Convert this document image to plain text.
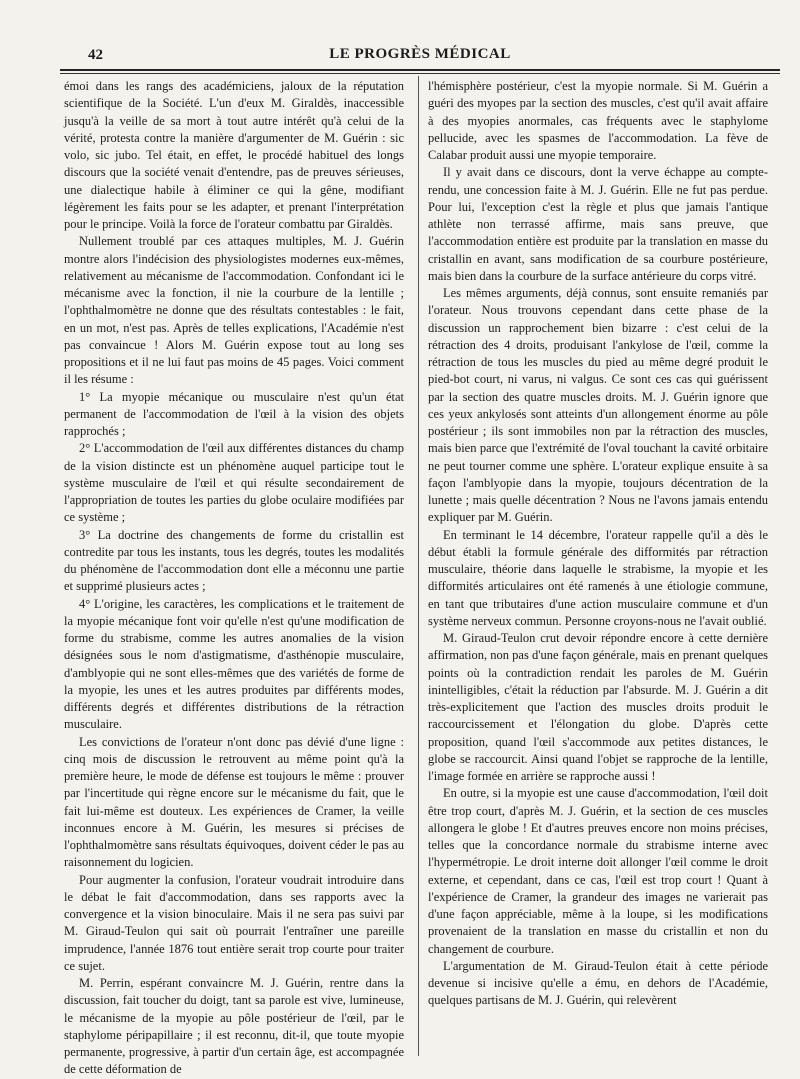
42	LE PROGRÈS MÉDICAL

émoi dans les rangs des académiciens, jaloux de la réputation scientifique de la Société. L'un d'eux M. Giraldès, inaccessible jusqu'à la veille de sa mort à tout autre intérêt qu'à celui de la vérité, protesta contre la manière d'argumenter de M. Guérin : sic volo, sic jubo. Tel était, en effet, le procédé habituel des longs discours que la société venait d'entendre, pas de preuves sérieuses, une dialectique habile à éliminer ce qui la gêne, modifiant légèrement les faits pour se les adapter, et prenant l'interprétation pour le principe. Voilà la force de l'orateur combattu par Giraldès.

Nullement troublé par ces attaques multiples, M. J. Guérin montre alors l'indécision des physiologistes modernes eux-mêmes, relativement au mécanisme de l'accommodation. Confondant ici le mécanisme avec la fonction, il nie la courbure de la lentille ; l'ophthalmomètre ne donne que des résultats contestables : le fait, en un mot, n'est pas. Après de telles explications, l'Académie n'est pas convaincue ! Alors M. Guérin expose tout au long ses propositions et il ne lui faut pas moins de 45 pages. Voici comment il les résume :

1° La myopie mécanique ou musculaire n'est qu'un état permanent de l'accommodation de l'œil à la vision des objets rapprochés ;

2° L'accommodation de l'œil aux différentes distances du champ de la vision distincte est un phénomène auquel participe tout le système musculaire de l'œil et qui résulte secondairement de l'appropriation de toutes les parties du globe oculaire modifiées par ce système ;

3° La doctrine des changements de forme du cristallin est contredite par tous les instants, tous les degrés, toutes les modalités du phénomène de l'accommodation dont elle a méconnu une partie et supprimé plusieurs actes ;

4° L'origine, les caractères, les complications et le traitement de la myopie mécanique font voir qu'elle n'est qu'une modification de forme du strabisme, comme les autres anomalies de la vision désignées sous le nom d'astigmatisme, d'asthénopie musculaire, d'amblyopie qui ne sont elles-mêmes que des variétés de forme de la myopie, les unes et les autres produites par différents modes, différents degrés et différentes distributions de la rétraction musculaire.

Les convictions de l'orateur n'ont donc pas dévié d'une ligne : cinq mois de discussion le retrouvent au même point qu'à la première heure, le mode de défense est toujours le même : prouver par l'incertitude qui règne encore sur le mécanisme du fait, que le fait lui-même est douteux. Les expériences de Cramer, la veille inconnues encore à M. Guérin, les mesures si précises de l'ophthalmomètre sans résultats équivoques, doivent céder le pas au raisonnement du logicien.

Pour augmenter la confusion, l'orateur voudrait introduire dans le débat le fait d'accommodation, dans ses rapports avec la convergence et la vision binoculaire. Mais il ne sera pas suivi par M. Giraud-Teulon qui sait où pourrait l'entraîner une pareille imprudence, l'année 1876 tout entière serait trop courte pour traiter ce sujet.

M. Perrin, espérant convaincre M. J. Guérin, rentre dans la discussion, fait toucher du doigt, tant sa parole est vive, lumineuse, le mécanisme de la myopie au pôle postérieur de l'œil, par le staphylome péripapillaire ; il est reconnu, dit-il, que toute myopie permanente, progressive, à partir d'un certain âge, est accompagnée de cette déformation de

l'hémisphère postérieur, c'est la myopie normale. Si M. Guérin a guéri des myopes par la section des muscles, c'est qu'il avait affaire à des myopies anormales, cas fréquents avec le staphylome pellucide, avec les spasmes de l'accommodation. La fève de Calabar produit aussi une myopie temporaire.

Il y avait dans ce discours, dont la verve échappe au compte-rendu, une concession faite à M. J. Guérin. Elle ne fut pas perdue. Pour lui, l'exception c'est la règle et plus que jamais l'antique athlète non terrassé affirme, mais sans preuve, que l'accommodation entière est produite par la translation en masse du cristallin en avant, sans modification de sa courbure postérieure, mais bien dans la courbure de la surface antérieure du corps vitré.

Les mêmes arguments, déjà connus, sont ensuite remaniés par l'orateur. Nous trouvons cependant dans cette phase de la discussion un rapprochement bien bizarre : c'est celui de la rétraction des 4 droits, produisant l'ankylose de l'œil, comme la rétraction de tous les muscles du pied au même degré produit le pied-bot court, ni varus, ni valgus. Ce sont ces cas qui guérissent par la section des quatre muscles droits. M. J. Guérin ignore que ces yeux ankylosés sont atteints d'un allongement énorme au pôle postérieur ; ils sont immobiles non par la rétraction des muscles, mais bien parce que l'extrémité de l'oval touchant la cavité orbitaire ne peut tourner comme une sphère. L'orateur explique ensuite à sa façon l'amblyopie dans la myopie, toujours décentration de la lunette ; mais quelle décentration ? Nous ne l'avons jamais entendu expliquer par M. Guérin.

En terminant le 14 décembre, l'orateur rappelle qu'il a dès le début établi la formule générale des difformités par rétraction musculaire, théorie dans laquelle le strabisme, la myopie et les difformités articulaires ont été ramenés à une étiologie commune, en tant que tributaires d'une action musculaire commune et d'un système nerveux commun. Personne croyons-nous ne l'avait oublié.

M. Giraud-Teulon crut devoir répondre encore à cette dernière affirmation, non pas d'une façon générale, mais en prenant quelques points où la contradiction rendait les paroles de M. Guérin inintelligibles, c'était la réduction par l'absurde. M. J. Guérin a dit très-explicitement que l'action des muscles droits produit le raccourcissement et l'élongation du globe. D'après cette proposition, quand l'œil s'accommode aux petites distances, le globe se raccourcit. Ainsi quand l'objet se rapproche de la lentille, l'image formée en arrière se rapproche aussi !

En outre, si la myopie est une cause d'accommodation, l'œil doit être trop court, d'après M. J. Guérin, et la section de ces muscles allongera le globe ! Et d'autres preuves encore non moins précises, telles que la concordance normale du strabisme interne avec l'hypermétropie. Le droit interne doit allonger l'œil comme le droit externe, et cependant, dans ce cas, l'œil est trop court ! Quant à l'expérience de Cramer, la grandeur des images ne varierait pas d'une façon appréciable, même à la loupe, si les modifications provenaient de la translation en masse du cristallin et non du changement de courbure.

L'argumentation de M. Giraud-Teulon était à cette période devenue si incisive qu'elle a ému, en dehors de l'Académie, quelques partisans de M. J. Guérin, qui relevèrent
